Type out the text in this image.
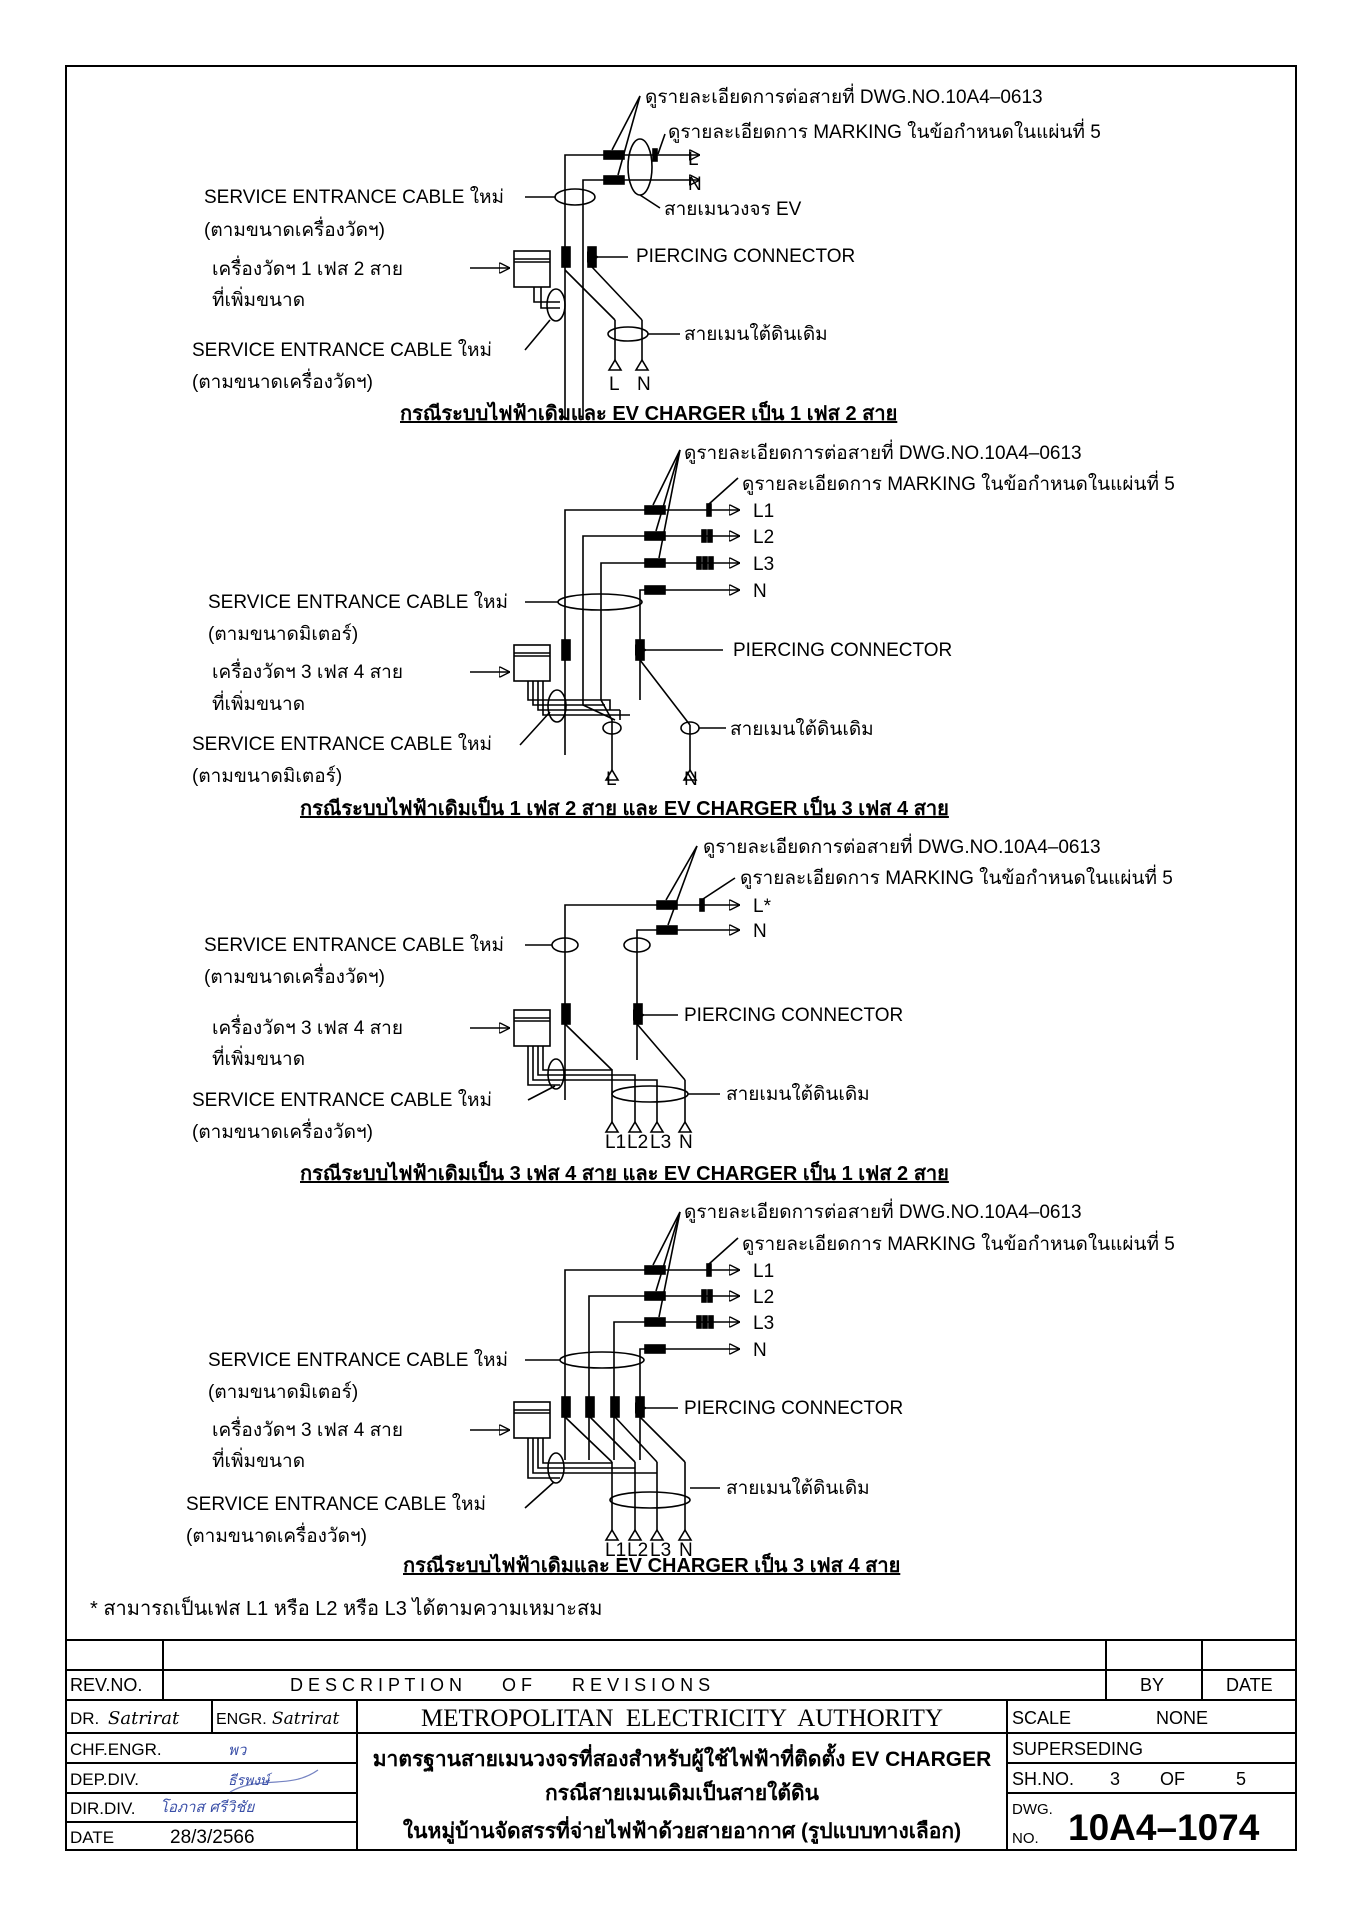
ดูรายละเอียดการต่อสายที่ DWG.NO.10A4–0613
ดูรายละเอียดการ MARKING ในข้อกำหนดในแผ่นที่ 5
L
N
สายเมนวงจร EV
SERVICE ENTRANCE CABLE ใหม่
(ตามขนาดเครื่องวัดฯ)
เครื่องวัดฯ 1 เฟส 2 สาย
ที่เพิ่มขนาด
PIERCING CONNECTOR
สายเมนใต้ดินเดิม
SERVICE ENTRANCE CABLE ใหม่
(ตามขนาดเครื่องวัดฯ)	L N
กรณีระบบไฟฟ้าเดิมและ EV CHARGER เป็น 1 เฟส 2 สาย
ดูรายละเอียดการต่อสายที่ DWG.NO.10A4–0613
ดูรายละเอียดการ MARKING ในข้อกำหนดในแผ่นที่ 5
L1
L2
L3
N
SERVICE ENTRANCE CABLE ใหม่
(ตามขนาดมิเตอร์)
เครื่องวัดฯ 3 เฟส 4 สาย
ที่เพิ่มขนาด
PIERCING CONNECTOR
สายเมนใต้ดินเดิม
SERVICE ENTRANCE CABLE ใหม่
(ตามขนาดมิเตอร์)	L	N
กรณีระบบไฟฟ้าเดิมเป็น 1 เฟส 2 สาย และ EV CHARGER เป็น 3 เฟส 4 สาย
ดูรายละเอียดการต่อสายที่ DWG.NO.10A4–0613
ดูรายละเอียดการ MARKING ในข้อกำหนดในแผ่นที่ 5
L*
N
SERVICE ENTRANCE CABLE ใหม่
(ตามขนาดเครื่องวัดฯ)
เครื่องวัดฯ 3 เฟส 4 สาย
ที่เพิ่มขนาด
PIERCING CONNECTOR
สายเมนใต้ดินเดิม
SERVICE ENTRANCE CABLE ใหม่
(ตามขนาดเครื่องวัดฯ)	L1 L2 L3 N
กรณีระบบไฟฟ้าเดิมเป็น 3 เฟส 4 สาย และ EV CHARGER เป็น 1 เฟส 2 สาย
ดูรายละเอียดการต่อสายที่ DWG.NO.10A4–0613
ดูรายละเอียดการ MARKING ในข้อกำหนดในแผ่นที่ 5
L1
L2
L3
N
SERVICE ENTRANCE CABLE ใหม่
(ตามขนาดมิเตอร์)
เครื่องวัดฯ 3 เฟส 4 สาย
ที่เพิ่มขนาด
PIERCING CONNECTOR
สายเมนใต้ดินเดิม
SERVICE ENTRANCE CABLE ใหม่
(ตามขนาดเครื่องวัดฯ)
L1 L2 L3 N
กรณีระบบไฟฟ้าเดิมและ EV CHARGER เป็น 3 เฟส 4 สาย
* สามารถเป็นเฟส L1 หรือ L2 หรือ L3 ได้ตามความเหมาะสม
REV.NO.	D E S C R I P T I O N        O F        R E V I S I O N S	BY	DATE
DR. Satrirat ENGR. Satrirat
CHF.ENGR.	พว
DEP.DIV.	ธีรพงษ์
DIR.DIV. โอภาส ศรีวิชัย
DATE	28/3/2566
METROPOLITAN  ELECTRICITY  AUTHORITY
มาตรฐานสายเมนวงจรที่สองสำหรับผู้ใช้ไฟฟ้าที่ติดตั้ง EV CHARGER
กรณีสายเมนเดิมเป็นสายใต้ดิน
ในหมู่บ้านจัดสรรที่จ่ายไฟฟ้าด้วยสายอากาศ (รูปแบบทางเลือก)
SCALE	NONE
SUPERSEDING
SH.NO. 3 OF	5
DWG.
NO. 10A4–1074
